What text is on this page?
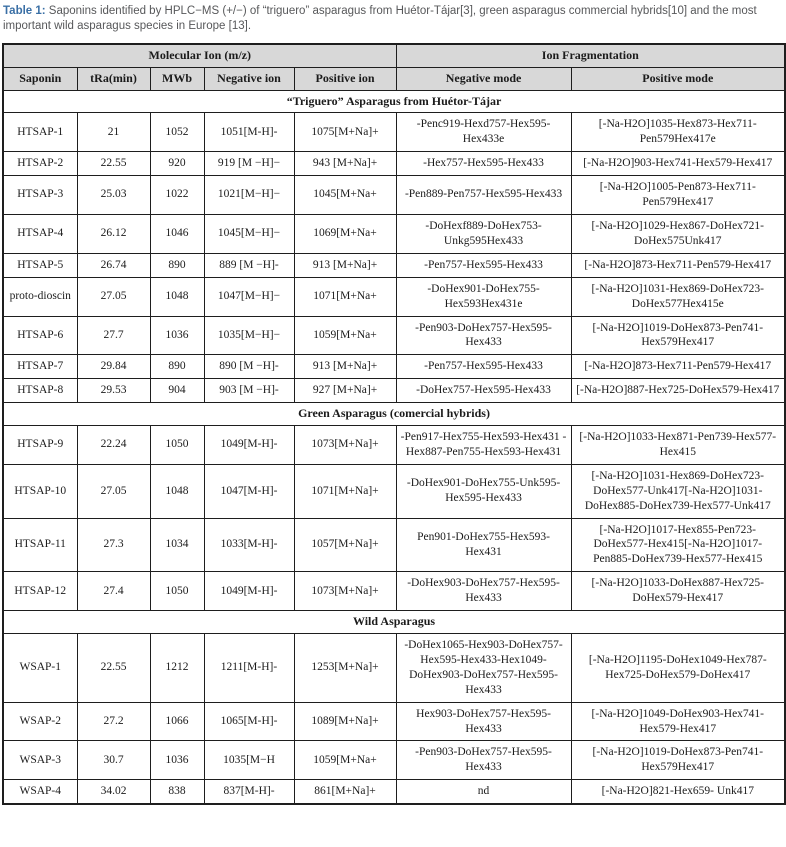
Table 1: Saponins identified by HPLC−MS (+/−) of “triguero” asparagus from Huétor-Tájar[3], green asparagus commercial hybrids[10] and the most important wild asparagus species in Europe [13].
Molecular Ion (m/z)					Ion Fragmentation	
Saponin	tRa(min)	MWb	Negative ion	Positive ion	Negative mode	Positive mode
“Triguero” Asparagus from Huétor-Tájar						
HTSAP-1	21	1052	1051[M-H]-	1075[M+Na]+	-Penc919-Hexd757-Hex595-Hex433e	[-Na-H2O]1035-Hex873-Hex711-Pen579Hex417e
HTSAP-2	22.55	920	919 [M −H]−	943 [M+Na]+	-Hex757-Hex595-Hex433	[-Na-H2O]903-Hex741-Hex579-Hex417
HTSAP-3	25.03	1022	1021[M−H]−	1045[M+Na+	-Pen889-Pen757-Hex595-Hex433	[-Na-H2O]1005-Pen873-Hex711-Pen579Hex417
HTSAP-4	26.12	1046	1045[M−H]−	1069[M+Na+	-DoHexf889-DoHex753-Unkg595Hex433	[-Na-H2O]1029-Hex867-DoHex721-DoHex575Unk417
HTSAP-5	26.74	890	889 [M −H]-	913 [M+Na]+	-Pen757-Hex595-Hex433	[-Na-H2O]873-Hex711-Pen579-Hex417
proto-dioscin	27.05	1048	1047[M−H]−	1071[M+Na+	-DoHex901-DoHex755-Hex593Hex431e	[-Na-H2O]1031-Hex869-DoHex723-DoHex577Hex415e
HTSAP-6	27.7	1036	1035[M−H]−	1059[M+Na+	-Pen903-DoHex757-Hex595-Hex433	[-Na-H2O]1019-DoHex873-Pen741-Hex579Hex417
HTSAP-7	29.84	890	890 [M −H]-	913 [M+Na]+	-Pen757-Hex595-Hex433	[-Na-H2O]873-Hex711-Pen579-Hex417
HTSAP-8	29.53	904	903 [M −H]-	927 [M+Na]+	-DoHex757-Hex595-Hex433	[-Na-H2O]887-Hex725-DoHex579-Hex417
Green Asparagus (comercial hybrids)						
HTSAP-9	22.24	1050	1049[M-H]-	1073[M+Na]+	-Pen917-Hex755-Hex593-Hex431 -Hex887-Pen755-Hex593-Hex431	[-Na-H2O]1033-Hex871-Pen739-Hex577-Hex415
HTSAP-10	27.05	1048	1047[M-H]-	1071[M+Na]+	-DoHex901-DoHex755-Unk595-Hex595-Hex433	[-Na-H2O]1031-Hex869-DoHex723-DoHex577-Unk417[-Na-H2O]1031-DoHex885-DoHex739-Hex577-Unk417
HTSAP-11	27.3	1034	1033[M-H]-	1057[M+Na]+	Pen901-DoHex755-Hex593-Hex431	[-Na-H2O]1017-Hex855-Pen723-DoHex577-Hex415[-Na-H2O]1017-Pen885-DoHex739-Hex577-Hex415
HTSAP-12	27.4	1050	1049[M-H]-	1073[M+Na]+	-DoHex903-DoHex757-Hex595-Hex433	[-Na-H2O]1033-DoHex887-Hex725-DoHex579-Hex417
Wild Asparagus						
WSAP-1	22.55	1212	1211[M-H]-	1253[M+Na]+	-DoHex1065-Hex903-DoHex757-Hex595-Hex433-Hex1049-DoHex903-DoHex757-Hex595-Hex433	[-Na-H2O]1195-DoHex1049-Hex787-Hex725-DoHex579-DoHex417
WSAP-2	27.2	1066	1065[M-H]-	1089[M+Na]+	Hex903-DoHex757-Hex595-Hex433	[-Na-H2O]1049-DoHex903-Hex741-Hex579-Hex417
WSAP-3	30.7	1036	1035[M−H	1059[M+Na+	-Pen903-DoHex757-Hex595-Hex433	[-Na-H2O]1019-DoHex873-Pen741-Hex579Hex417
WSAP-4	34.02	838	837[M-H]-	861[M+Na]+	nd	[-Na-H2O]821-Hex659- Unk417
